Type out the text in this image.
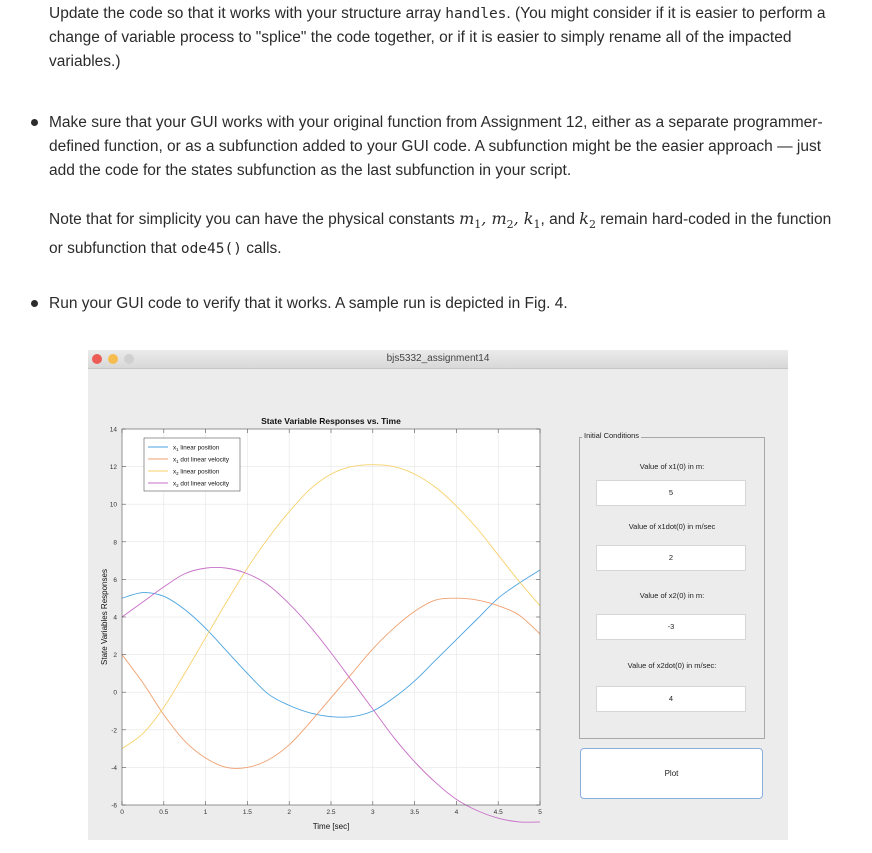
Update the code so that it works with your structure array handles. (You might consider if it is easier to perform a change of variable process to "splice" the code together, or if it is easier to simply rename all of the impacted variables.)
Make sure that your GUI works with your original function from Assignment 12, either as a separate programmer-defined function, or as a subfunction added to your GUI code. A subfunction might be the easier approach — just add the code for the states subfunction as the last subfunction in your script.
Note that for simplicity you can have the physical constants $m_1$, $m_2$, $k_1$, and $k_2$ remain hard-coded in the function
or subfunction that ode45() calls.
Run your GUI code to verify that it works. A sample run is depicted in Fig. 4.
bjs5332_assignment14
0	0.5	1	1.5	2	2.5	3	3.5	4	4.5	5
-6
-4
-2
0
2
4
6
8
10
12
14
State Variable Responses vs. Time
Time [sec]
State Variables Responses
$x_1$ linear position
$x_1$ dot linear velocity
$x_2$ linear position
$x_2$ dot linear velocity
Initial Conditions
Value of x1(0) in m:
5
Value of x1dot(0) in m/sec
2
Value of x2(0) in m:
-3
Value of x2dot(0) in m/sec:
4
Plot
